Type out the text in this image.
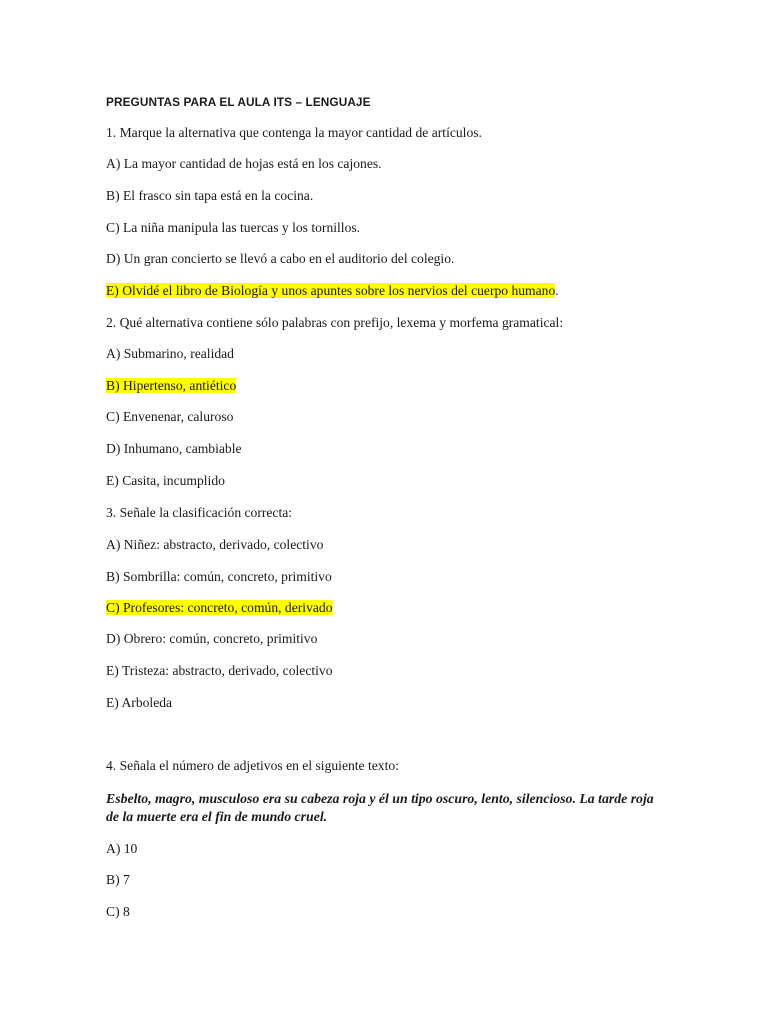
PREGUNTAS PARA EL AULA ITS – LENGUAJE
1. Marque la alternativa que contenga la mayor cantidad de artículos.
A) La mayor cantidad de hojas está en los cajones.
B) El frasco sin tapa está en la cocina.
C) La niña manipula las tuercas y los tornillos.
D) Un gran concierto se llevó a cabo en el auditorio del colegio.
E) Olvidé el libro de Biología y unos apuntes sobre los nervios del cuerpo humano.
2. Qué alternativa contiene sólo palabras con prefijo, lexema y morfema gramatical:
A) Submarino, realidad
B) Hipertenso, antiético
C) Envenenar, caluroso
D) Inhumano, cambiable
E) Casita, incumplido
3. Señale la clasificación correcta:
A) Niñez: abstracto, derivado, colectivo
B) Sombrilla: común, concreto, primitivo
C) Profesores: concreto, común, derivado
D) Obrero: común, concreto, primitivo
E) Tristeza: abstracto, derivado, colectivo
E) Arboleda
4. Señala el número de adjetivos en el siguiente texto:
Esbelto, magro, musculoso era su cabeza roja y él un tipo oscuro, lento, silencioso. La tarde roja de la muerte era el fin de mundo cruel.
A) 10
B) 7
C) 8
